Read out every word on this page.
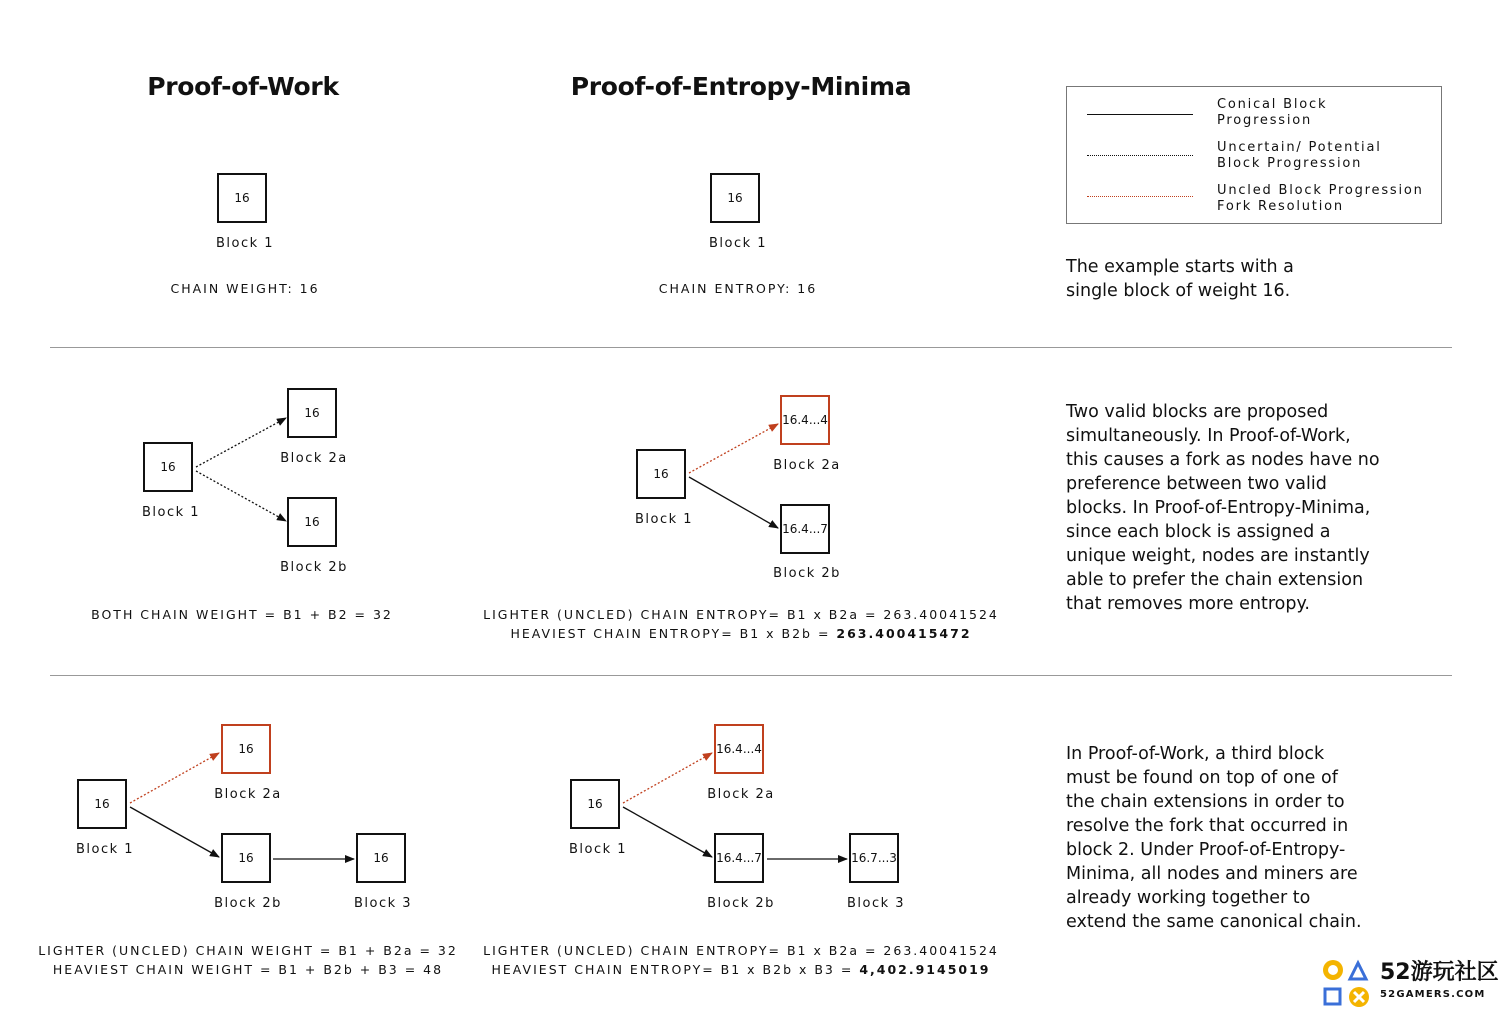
Proof-of-Work	Proof-of-Entropy-Minima
Conical Block
Progression
Uncertain/ Potential
Block Progression
Uncled Block Progression
Fork Resolution
16
Block 1
CHAIN WEIGHT: 16
16
Block 1
CHAIN ENTROPY: 16
The example starts with a
single block of weight 16.
16
Block 1
16
Block 2a
16
Block 2b
BOTH CHAIN WEIGHT = B1 + B2 = 32
16
Block 1
16.4...4
Block 2a
16.4...7
Block 2b
LIGHTER (UNCLED) CHAIN ENTROPY= B1 x B2a = 263.40041524
HEAVIEST CHAIN ENTROPY= B1 x B2b = 263.400415472
Two valid blocks are proposed
simultaneously. In Proof-of-Work,
this causes a fork as nodes have no
preference between two valid
blocks. In Proof-of-Entropy-Minima,
since each block is assigned a
unique weight, nodes are instantly
able to prefer the chain extension
that removes more entropy.
16
Block 1
16
Block 2a
16
Block 2b
16
Block 3
LIGHTER (UNCLED) CHAIN WEIGHT = B1 + B2a = 32
HEAVIEST CHAIN WEIGHT = B1 + B2b + B3 = 48
16
Block 1
16.4...4
Block 2a
16.4...7
Block 2b
16.7...3
Block 3
LIGHTER (UNCLED) CHAIN ENTROPY= B1 x B2a = 263.40041524
HEAVIEST CHAIN ENTROPY= B1 x B2b x B3 = 4,402.9145019
In Proof-of-Work, a third block
must be found on top of one of
the chain extensions in order to
resolve the fork that occurred in
block 2. Under Proof-of-Entropy-
Minima, all nodes and miners are
already working together to
extend the same canonical chain.
52游玩社区
52GAMERS.COM
